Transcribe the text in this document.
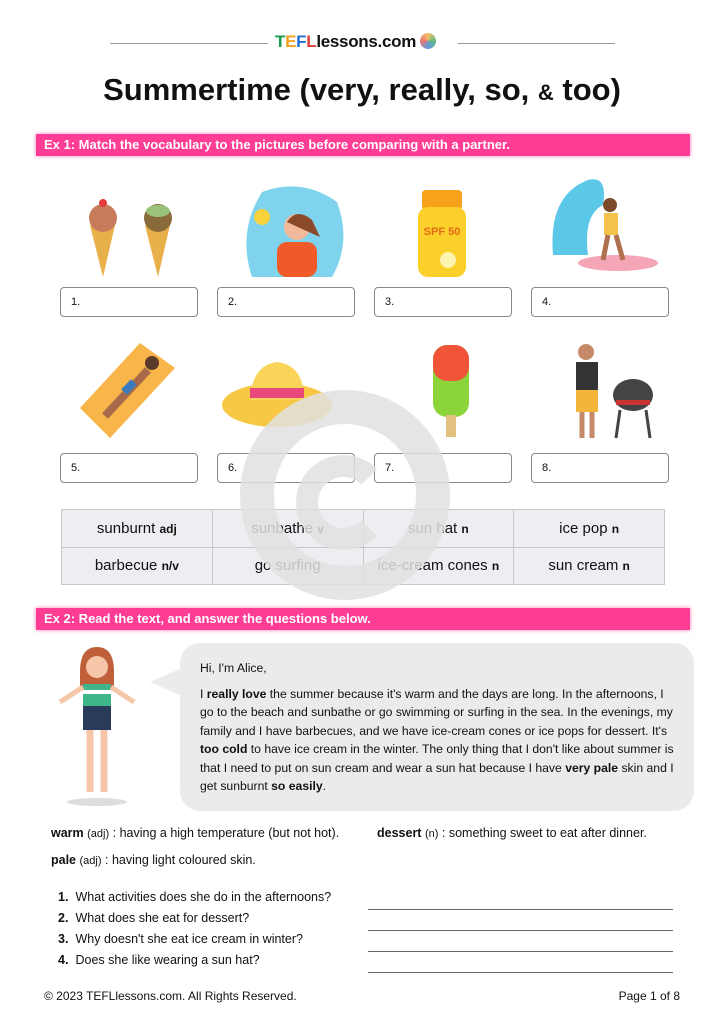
TEFLlessons.com
Summertime (very, really, so, & too)
Ex 1: Match the vocabulary to the pictures before comparing with a partner.
SPF 50
1.	2.	3.	4.
5.	6.	7.	8.
sunburnt adj	sunbathe v	sun hat n	ice pop n
barbecue n/v	go surfing	ice-cream cones n	sun cream n
Ex 2: Read the text, and answer the questions below.

Hi, I'm Alice,

I really love the summer because it's warm and the days are long. In the afternoons, I go to the beach and sunbathe or go swimming or surfing in the sea. In the evenings, my family and I have barbecues, and we have ice-cream cones or ice pops for dessert. It's too cold to have ice cream in the winter. The only thing that I don't like about summer is that I need to put on sun cream and wear a sun hat because I have very pale skin and I get sunburnt so easily.

warm (adj) : having a high temperature (but not hot).	dessert (n) : something sweet to eat after dinner.
pale (adj) : having light coloured skin.
1. What activities does she do in the afternoons?
2. What does she eat for dessert?
3. Why doesn't she eat ice cream in winter?
4. Does she like wearing a sun hat?
© 2023 TEFLlessons.com. All Rights Reserved.	Page 1 of 8
